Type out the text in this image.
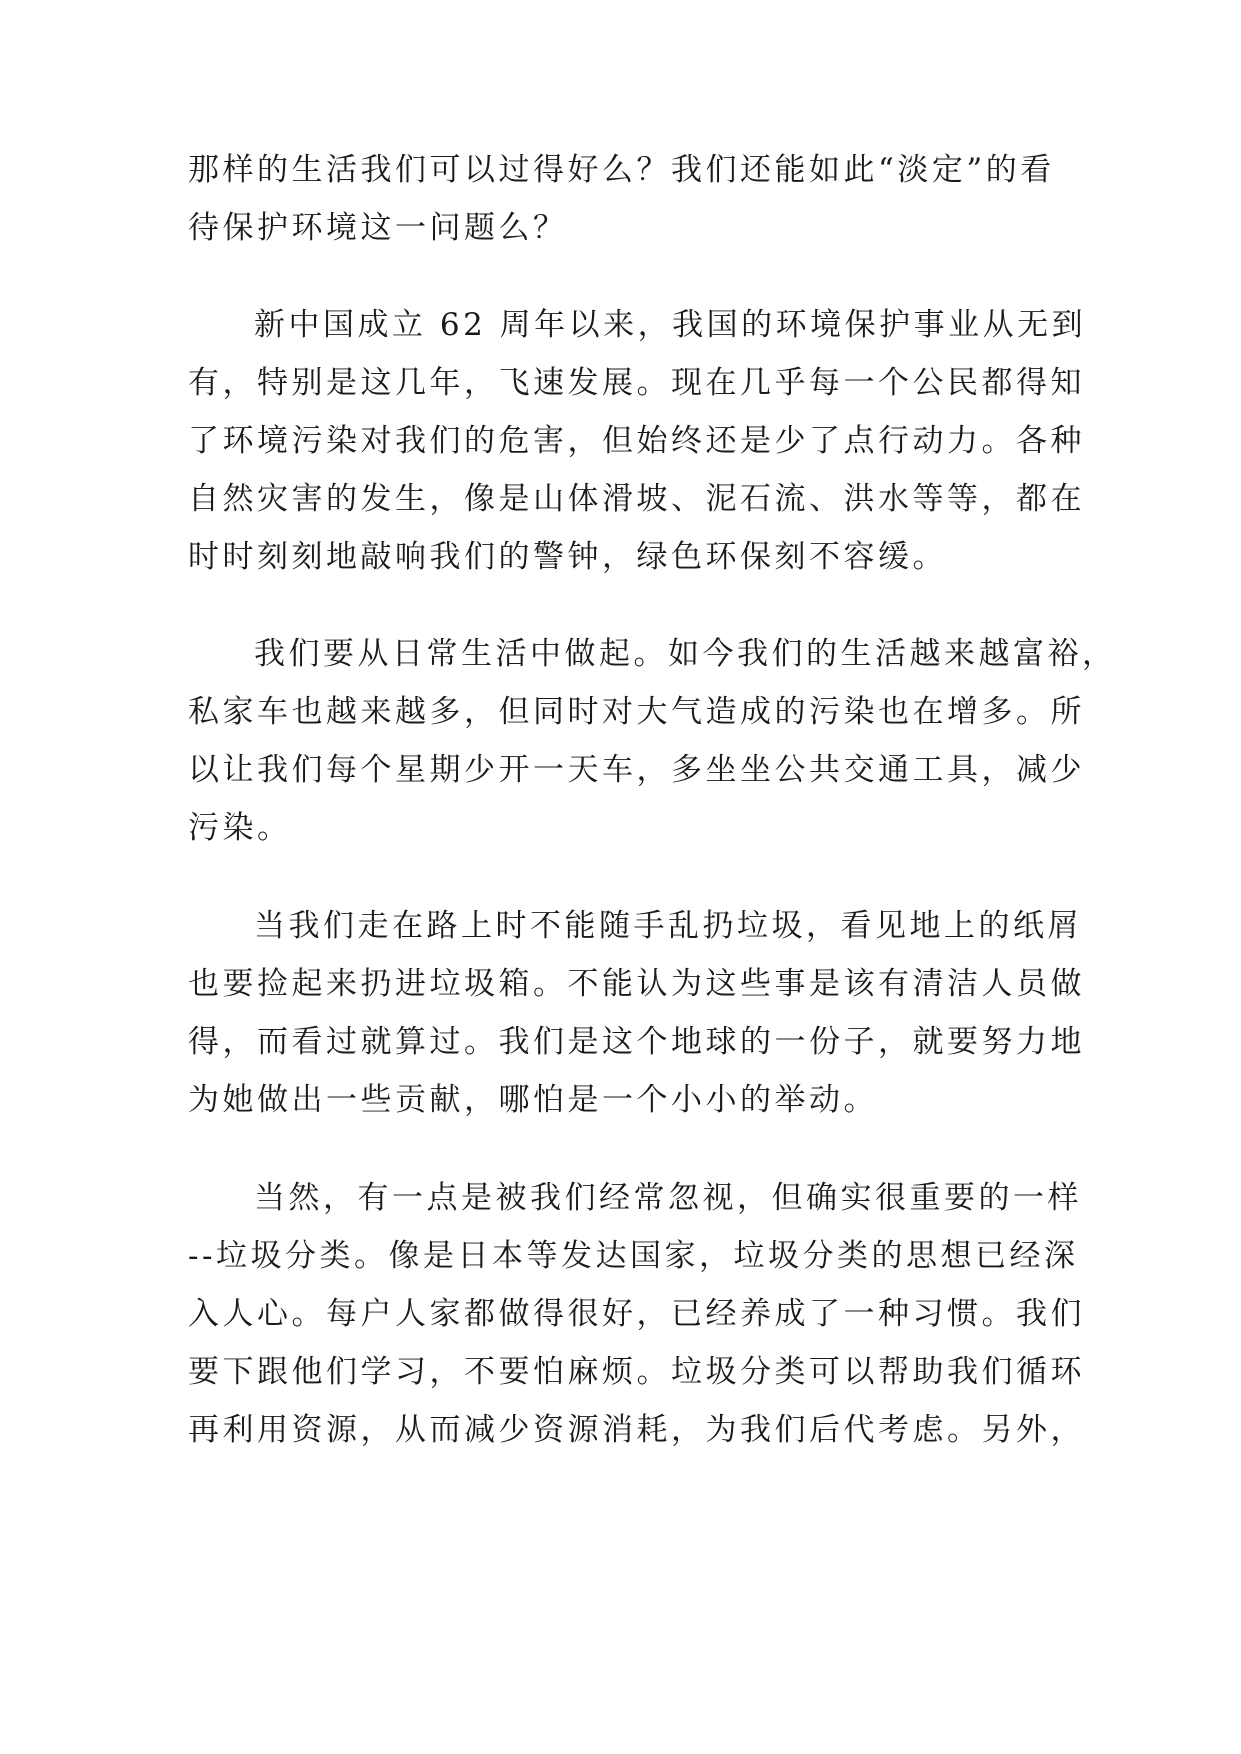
那样的生活我们可以过得好么？我们还能如此“淡定”的看
待保护环境这一问题么？
新中国成立 62 周年以来，我国的环境保护事业从无到
有，特别是这几年，飞速发展。现在几乎每一个公民都得知
了环境污染对我们的危害，但始终还是少了点行动力。各种
自然灾害的发生，像是山体滑坡、泥石流、洪水等等，都在
时时刻刻地敲响我们的警钟，绿色环保刻不容缓。
我们要从日常生活中做起。如今我们的生活越来越富裕，
私家车也越来越多，但同时对大气造成的污染也在增多。所
以让我们每个星期少开一天车，多坐坐公共交通工具，减少
污染。
当我们走在路上时不能随手乱扔垃圾，看见地上的纸屑
也要捡起来扔进垃圾箱。不能认为这些事是该有清洁人员做
得，而看过就算过。我们是这个地球的一份子，就要努力地
为她做出一些贡献，哪怕是一个小小的举动。
当然，有一点是被我们经常忽视，但确实很重要的一样
--垃圾分类。像是日本等发达国家，垃圾分类的思想已经深
入人心。每户人家都做得很好，已经养成了一种习惯。我们
要下跟他们学习，不要怕麻烦。垃圾分类可以帮助我们循环
再利用资源，从而减少资源消耗，为我们后代考虑。另外，
